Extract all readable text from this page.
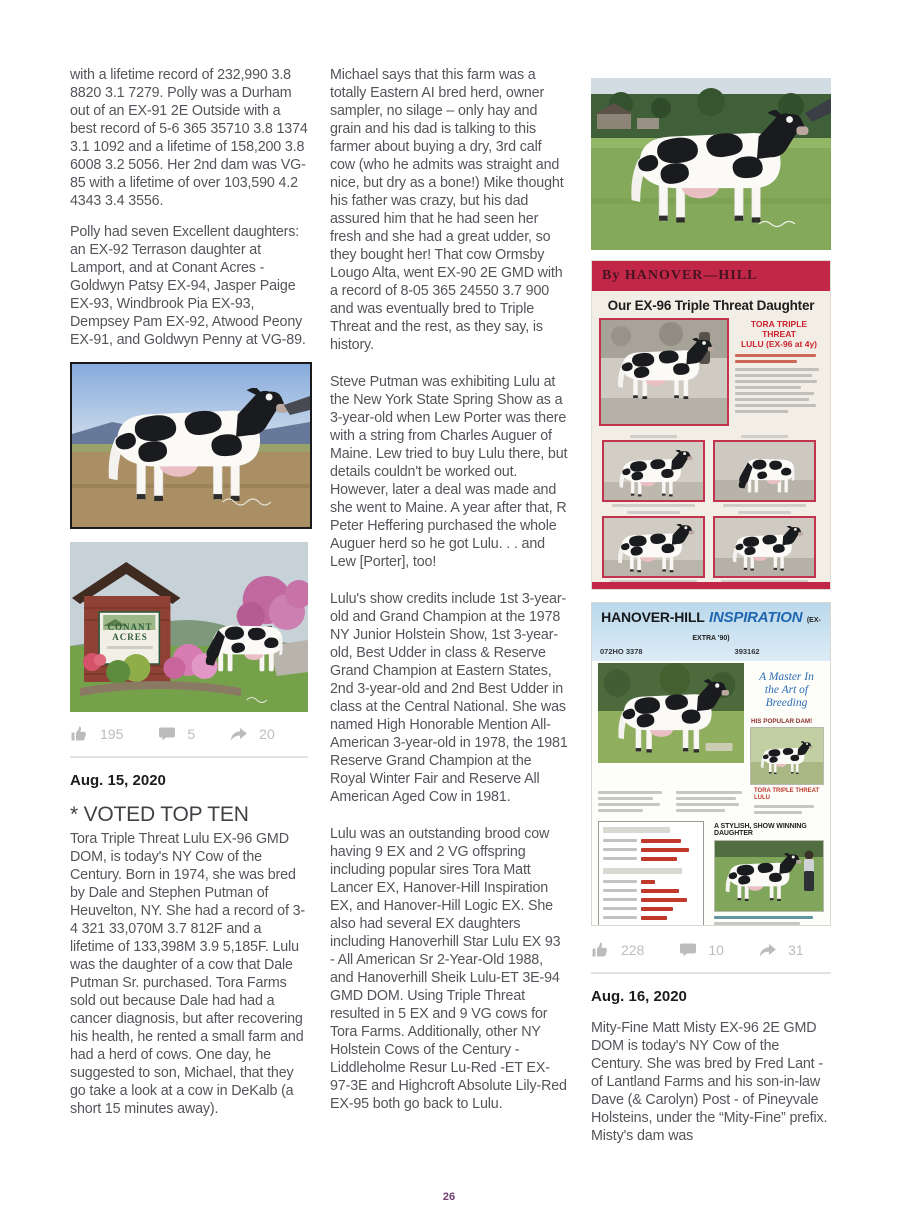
with a lifetime record of 232,990 3.8 8820 3.1 7279. Polly was a Durham out of an EX-91 2E Outside with a best record of 5-6 365 35710 3.8 1374 3.1 1092 and a lifetime of 158,200 3.8 6008 3.2 5056. Her 2nd dam was VG-85 with a lifetime of over 103,590 4.2 4343 3.4 3556.

Polly had seven Excellent daughters: an EX-92 Terrason daughter at Lamport, and at Conant Acres - Goldwyn Patsy EX-94, Jasper Paige EX-93, Windbrook Pia EX-93, Dempsey Pam EX-92, Atwood Peony EX-91, and Goldwyn Penny at VG-89.

CONANT
ACRES
195	5	20
Aug. 15, 2020
* VOTED TOP TEN

Tora Triple Threat Lulu EX-96 GMD DOM, is today's NY Cow of the Century. Born in 1974, she was bred by Dale and Stephen Putman of Heuvelton, NY. She had a record of 3-4 321 33,070M 3.7 812F and a lifetime of 133,398M 3.9 5,185F. Lulu was the daughter of a cow that Dale Putman Sr. purchased. Tora Farms sold out because Dale had had a cancer diagnosis, but after recovering his health, he rented a small farm and had a herd of cows. One day, he suggested to son, Michael, that they go take a look at a cow in DeKalb (a short 15 minutes away).

Michael says that this farm was a totally Eastern AI bred herd, owner sampler, no silage – only hay and grain and his dad is talking to this farmer about buying a dry, 3rd calf cow (who he admits was straight and nice, but dry as a bone!) Mike thought his father was crazy, but his dad assured him that he had seen her fresh and she had a great udder, so they bought her! That cow Ormsby Lougo Alta, went EX-90 2E GMD with a record of 8-05 365 24550 3.7 900 and was eventually bred to Triple Threat and the rest, as they say, is history.

Steve Putman was exhibiting Lulu at the New York State Spring Show as a 3-year-old when Lew Porter was there with a string from Charles Auguer of Maine. Lew tried to buy Lulu there, but details couldn't be worked out. However, later a deal was made and she went to Maine. A year after that, R Peter Heffering purchased the whole Auguer herd so he got Lulu. . . and Lew [Porter], too!

Lulu's show credits include 1st 3-year-old and Grand Champion at the 1978 NY Junior Holstein Show, 1st 3-year-old, Best Udder in class & Reserve Grand Champion at Eastern States, 2nd 3-year-old and 2nd Best Udder in class at the Central National. She was named High Honorable Mention All-American 3-year-old in 1978, the 1981 Reserve Grand Champion at the Royal Winter Fair and Reserve All American Aged Cow in 1981.

Lulu was an outstanding brood cow having 9 EX and 2 VG offspring including popular sires Tora Matt Lancer EX, Hanover-Hill Inspiration EX, and Hanover-Hill Logic EX. She also had several EX daughters including Hanoverhill Star Lulu EX 93 - All American Sr 2-Year-Old 1988, and Hanoverhill Sheik Lulu-ET 3E-94 GMD DOM. Using Triple Threat resulted in 5 EX and 9 VG cows for Tora Farms. Additionally, other NY Holstein Cows of the Century - Liddleholme Resur Lu-Red -ET EX-97-3E and Highcroft Absolute Lily-Red EX-95 both go back to Lulu.

By HANOVER—HILL
Our EX-96 Triple Threat Daughter
TORA TRIPLE THREAT
LULU (EX-96 at 4y)
HANOVER-HILL INSPIRATION (EX-EXTRA '90)
072HO 3378	393162
A Master In
the Art of
Breeding
HIS POPULAR DAM!
TORA TRIPLE THREAT LULU
A STYLISH, SHOW WINNING DAUGHTER
228	10	31
Aug. 16, 2020

Mity-Fine Matt Misty EX-96 2E GMD DOM is today's NY Cow of the Century. She was bred by Fred Lant - of Lantland Farms and his son-in-law Dave (& Carolyn) Post - of Pineyvale Holsteins, under the “Mity-Fine” prefix. Misty's dam was

26
